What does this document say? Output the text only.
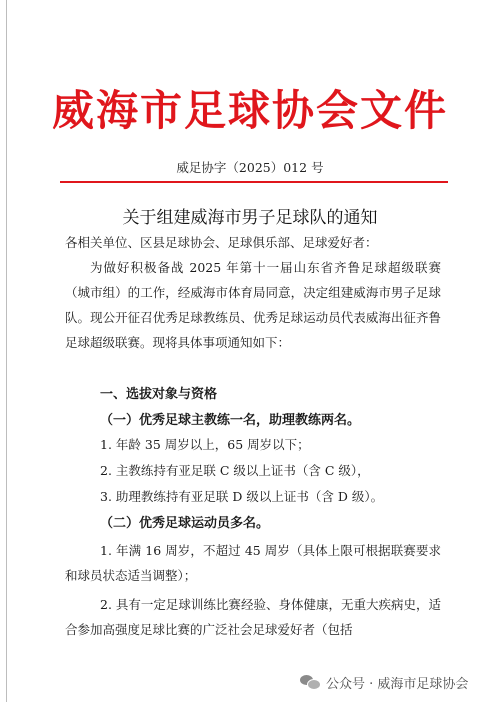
威海市足球协会文件
威足协字（2025）012 号
关于组建威海市男子足球队的通知
各相关单位、区县足球协会、足球俱乐部、足球爱好者：
为做好积极备战 2025 年第十一届山东省齐鲁足球超级联赛（城市组）的工作，经威海市体育局同意，决定组建威海市男子足球队。现公开征召优秀足球教练员、优秀足球运动员代表威海出征齐鲁足球超级联赛。现将具体事项通知如下：
一、选拔对象与资格
（一）优秀足球主教练一名，助理教练两名。
1. 年龄 35 周岁以上，65 周岁以下；
2. 主教练持有亚足联 C 级以上证书（含 C 级），
3. 助理教练持有亚足联 D 级以上证书（含 D 级）。
（二）优秀足球运动员多名。
1. 年满 16 周岁，不超过 45 周岁（具体上限可根据联赛要求和球员状态适当调整）；
2. 具有一定足球训练比赛经验、身体健康，无重大疾病史，适合参加高强度足球比赛的广泛社会足球爱好者（包括
公众号 · 威海市足球协会
